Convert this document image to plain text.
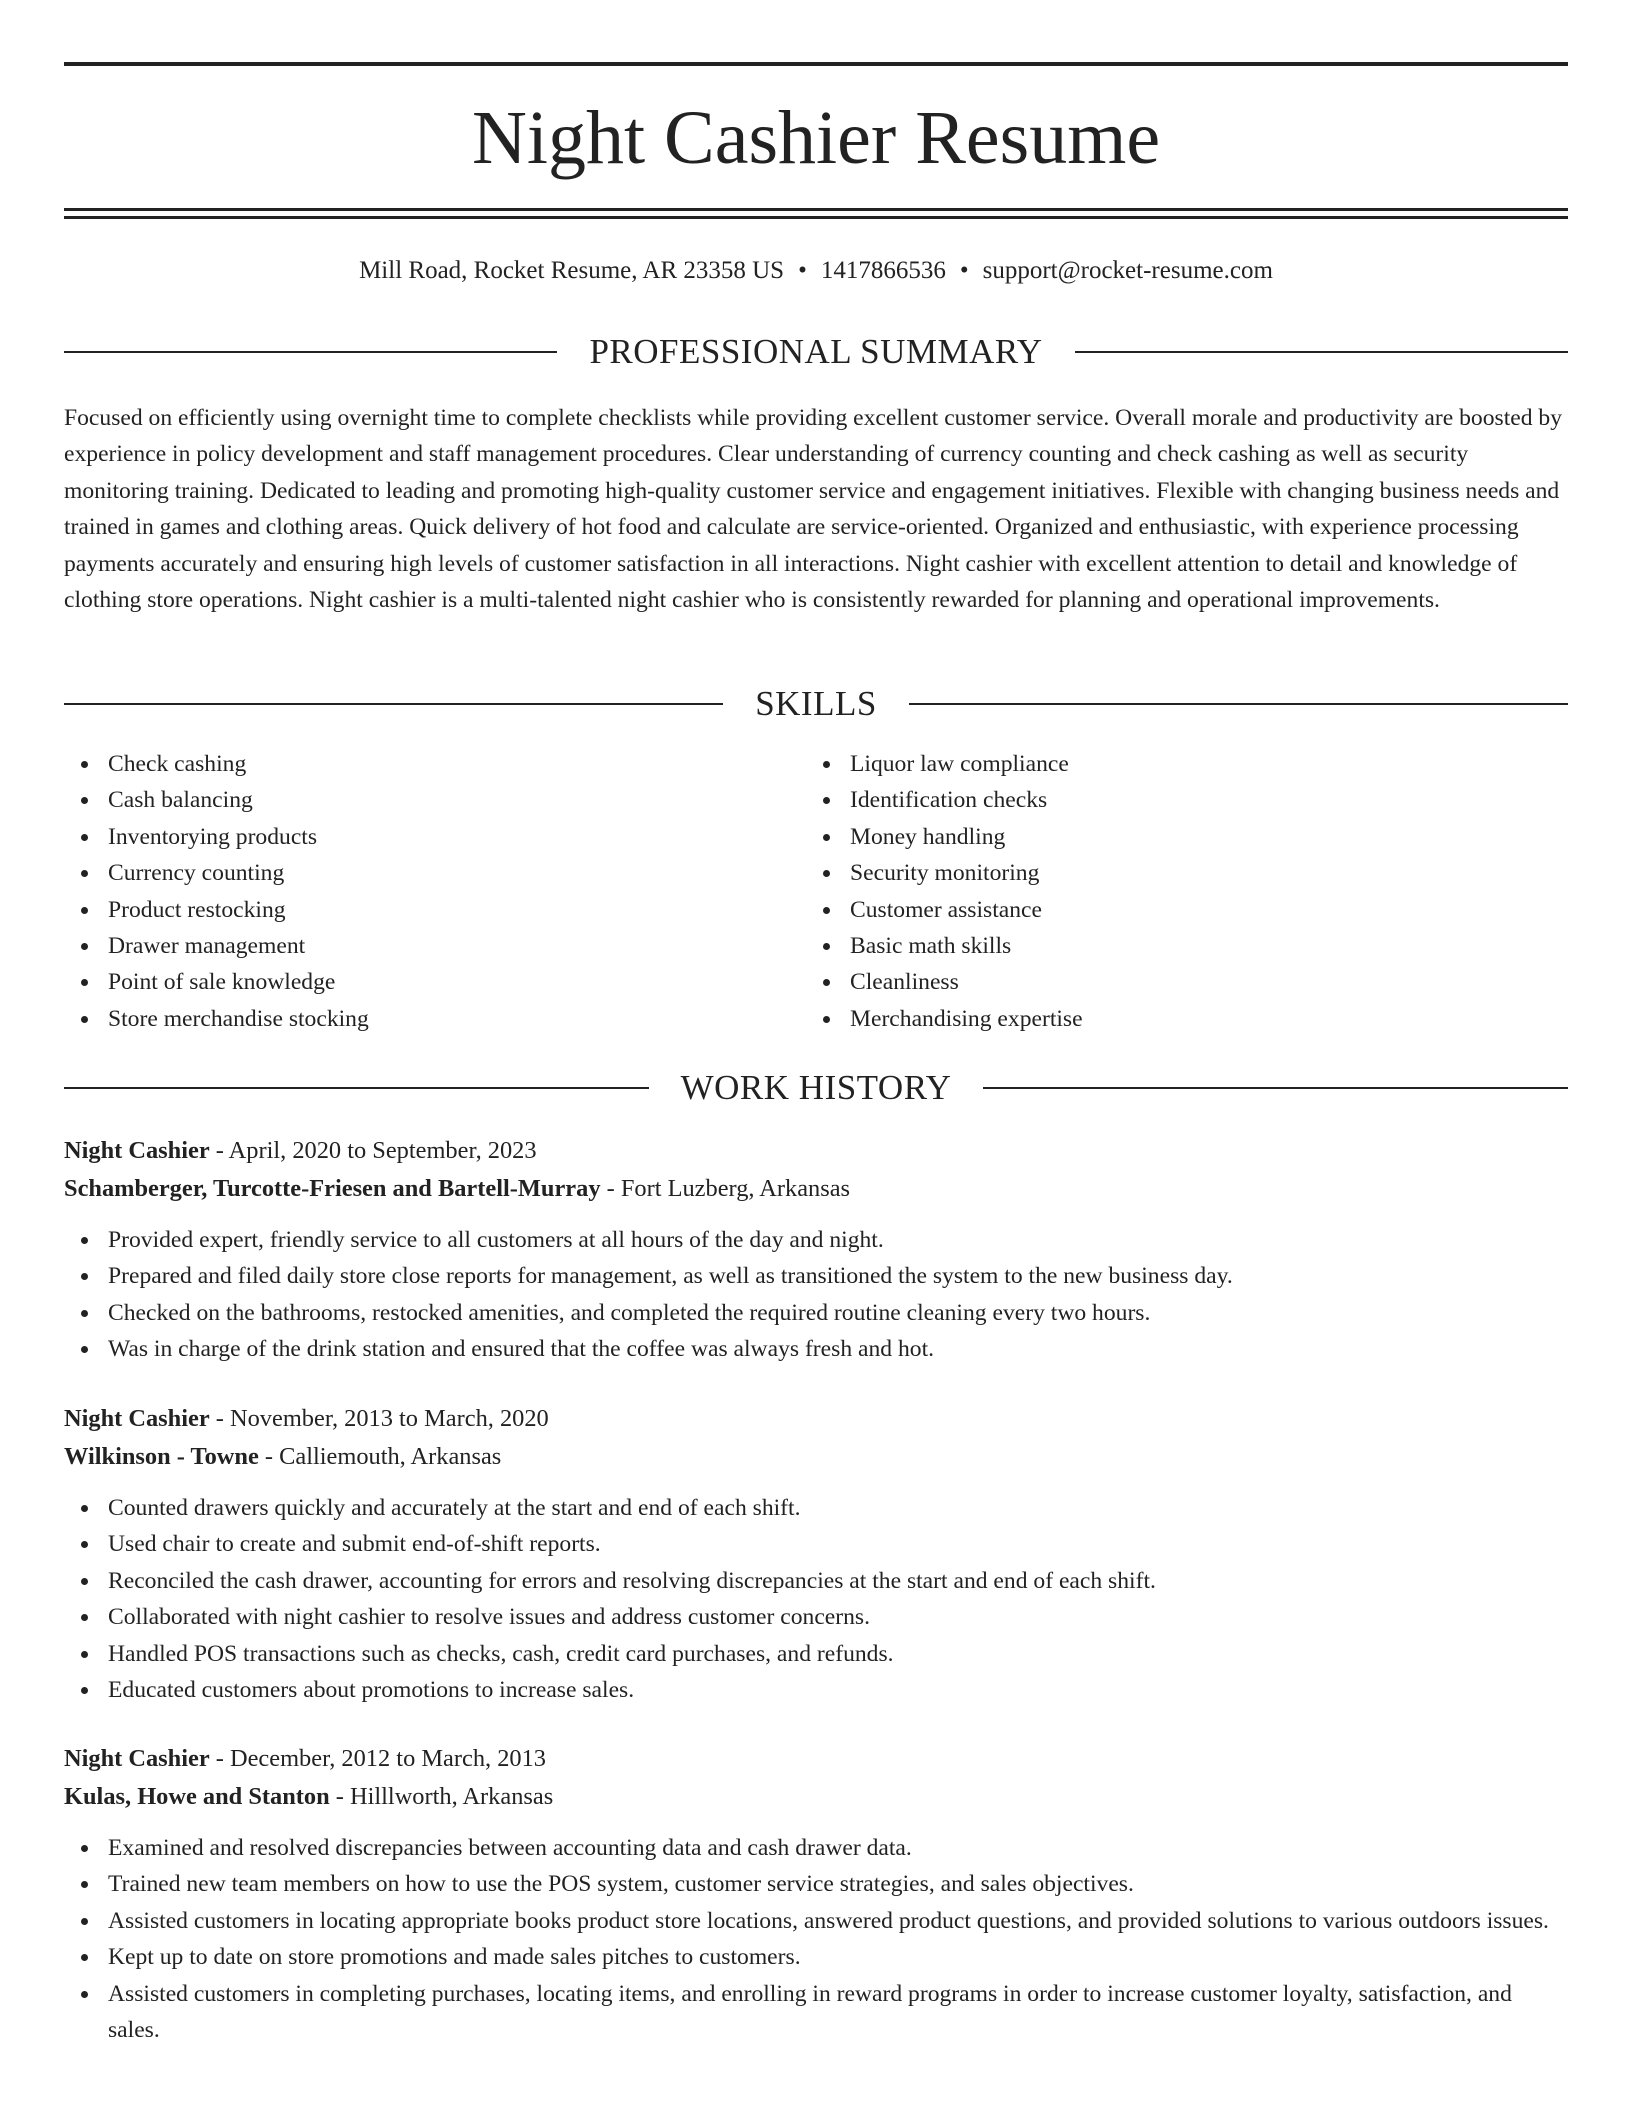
Night Cashier Resume
Mill Road, Rocket Resume, AR 23358 US • 1417866536 • support@rocket-resume.com
PROFESSIONAL SUMMARY

Focused on efficiently using overnight time to complete checklists while providing excellent customer service. Overall morale and productivity are boosted by experience in policy development and staff management procedures. Clear understanding of currency counting and check cashing as well as security monitoring training. Dedicated to leading and promoting high-quality customer service and engagement initiatives. Flexible with changing business needs and trained in games and clothing areas. Quick delivery of hot food and calculate are service-oriented. Organized and enthusiastic, with experience processing payments accurately and ensuring high levels of customer satisfaction in all interactions. Night cashier with excellent attention to detail and knowledge of clothing store operations. Night cashier is a multi-talented night cashier who is consistently rewarded for planning and operational improvements.

SKILLS
Check cashing
Cash balancing
Inventorying products
Currency counting
Product restocking
Drawer management
Point of sale knowledge
Store merchandise stocking
Liquor law compliance
Identification checks
Money handling
Security monitoring
Customer assistance
Basic math skills
Cleanliness
Merchandising expertise
WORK HISTORY
Night Cashier - April, 2020 to September, 2023
Schamberger, Turcotte-Friesen and Bartell-Murray - Fort Luzberg, Arkansas
Provided expert, friendly service to all customers at all hours of the day and night.
Prepared and filed daily store close reports for management, as well as transitioned the system to the new business day.
Checked on the bathrooms, restocked amenities, and completed the required routine cleaning every two hours.
Was in charge of the drink station and ensured that the coffee was always fresh and hot.
Night Cashier - November, 2013 to March, 2020
Wilkinson - Towne - Calliemouth, Arkansas
Counted drawers quickly and accurately at the start and end of each shift.
Used chair to create and submit end-of-shift reports.
Reconciled the cash drawer, accounting for errors and resolving discrepancies at the start and end of each shift.
Collaborated with night cashier to resolve issues and address customer concerns.
Handled POS transactions such as checks, cash, credit card purchases, and refunds.
Educated customers about promotions to increase sales.
Night Cashier - December, 2012 to March, 2013
Kulas, Howe and Stanton - Hilllworth, Arkansas
Examined and resolved discrepancies between accounting data and cash drawer data.
Trained new team members on how to use the POS system, customer service strategies, and sales objectives.
Assisted customers in locating appropriate books product store locations, answered product questions, and provided solutions to various outdoors issues.
Kept up to date on store promotions and made sales pitches to customers.
Assisted customers in completing purchases, locating items, and enrolling in reward programs in order to increase customer loyalty, satisfaction, and sales.
